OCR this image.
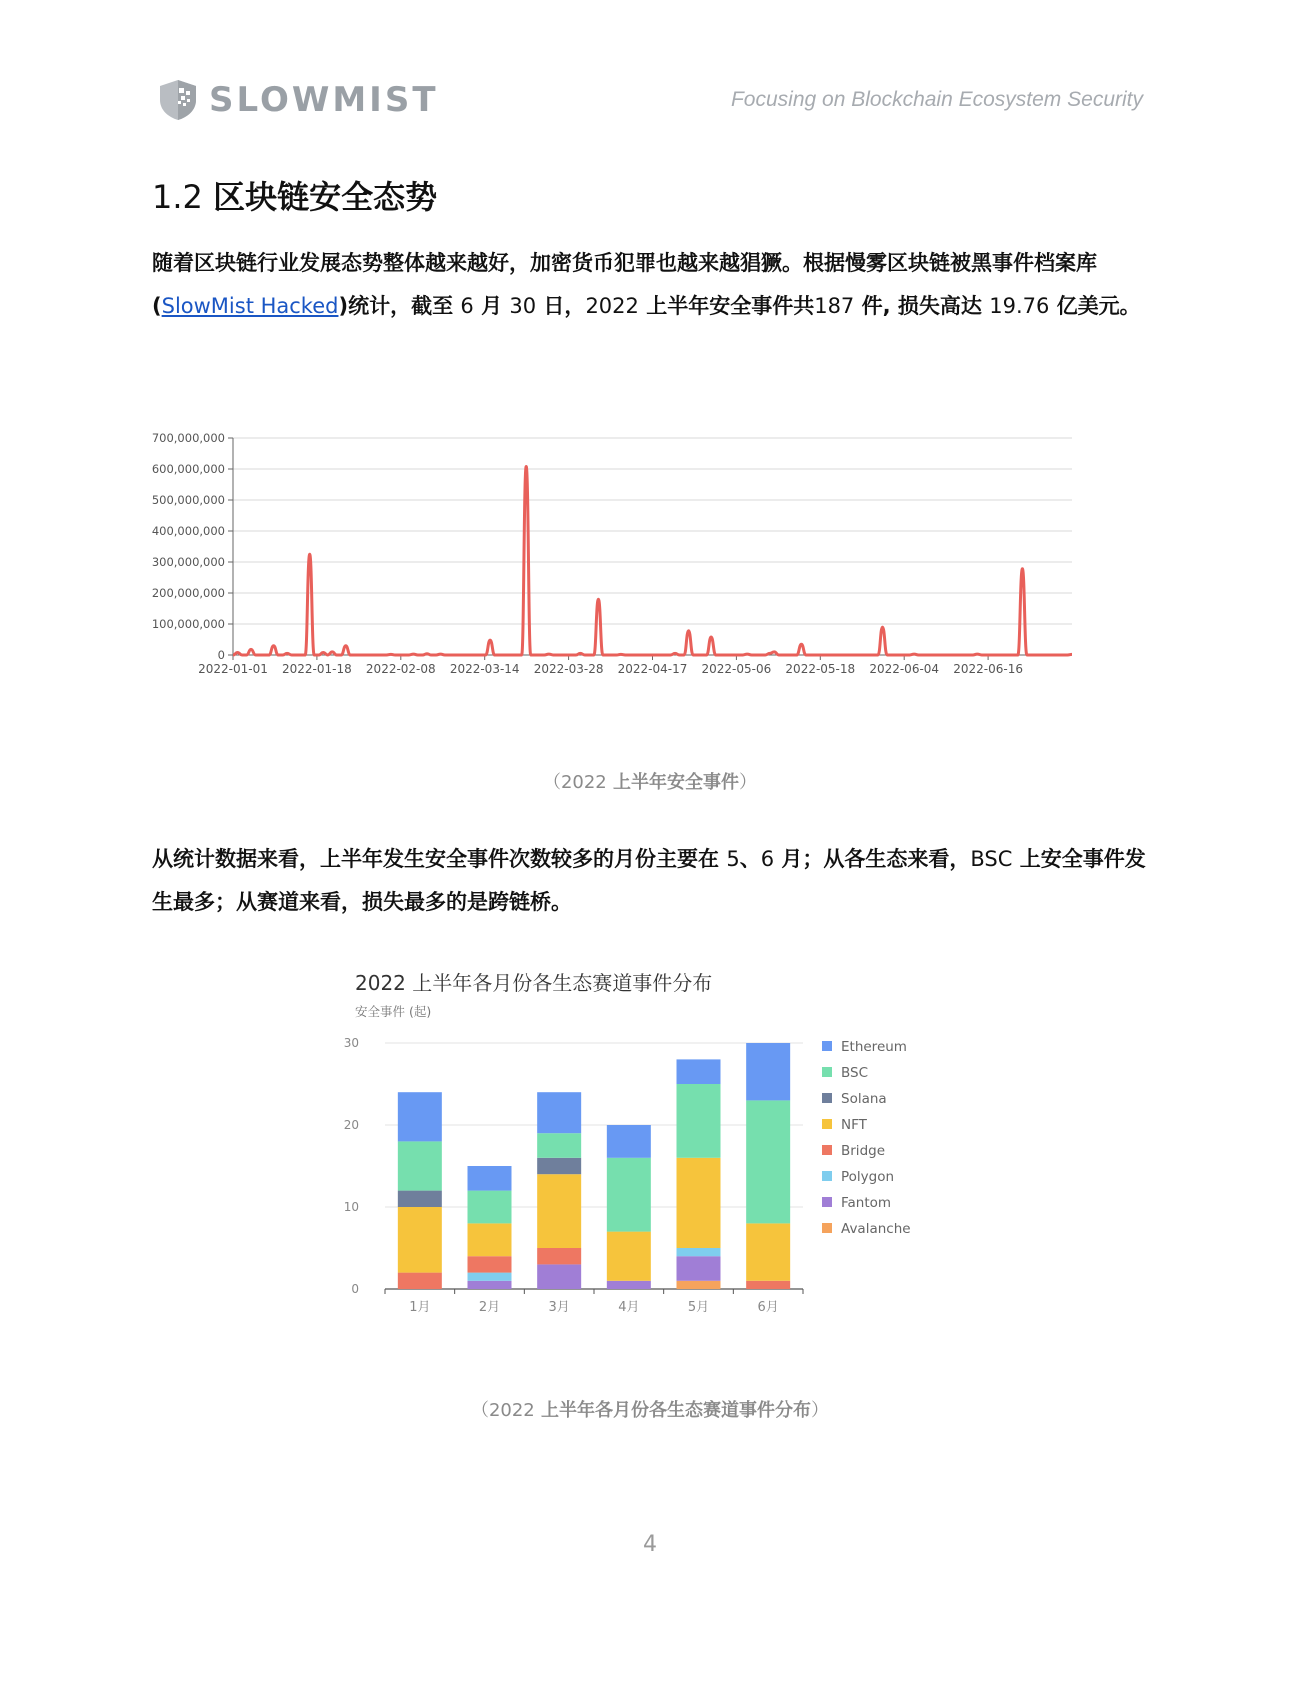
SLOWMIST	Focusing on Blockchain Ecosystem Security
1.2 区块链安全态势

随着区块链行业发展态势整体越来越好，加密货币犯罪也越来越猖獗。根据慢雾区块链被黑事件档案库 (SlowMist Hacked)统计，截至 6 月 30 日，2022 上半年安全事件共187 件, 损失高达 19.76 亿美元。

0
100,000,000
200,000,000
300,000,000
400,000,000
500,000,000
600,000,000
700,000,000
2022-01-01 2022-01-18 2022-02-08 2022-03-14 2022-03-28 2022-04-17 2022-05-06 2022-05-18 2022-06-04 2022-06-16
（2022 上半年安全事件）

从统计数据来看，上半年发生安全事件次数较多的月份主要在 5、6 月；从各生态来看，BSC 上安全事件发生最多；从赛道来看，损失最多的是跨链桥。

2022 上半年各月份各生态赛道事件分布
安全事件 (起)
0
10
20
30
1月	2月	3月	4月	5月	6月
Ethereum
BSC
Solana
NFT
Bridge
Polygon
Fantom
Avalanche
（2022 上半年各月份各生态赛道事件分布）
4
